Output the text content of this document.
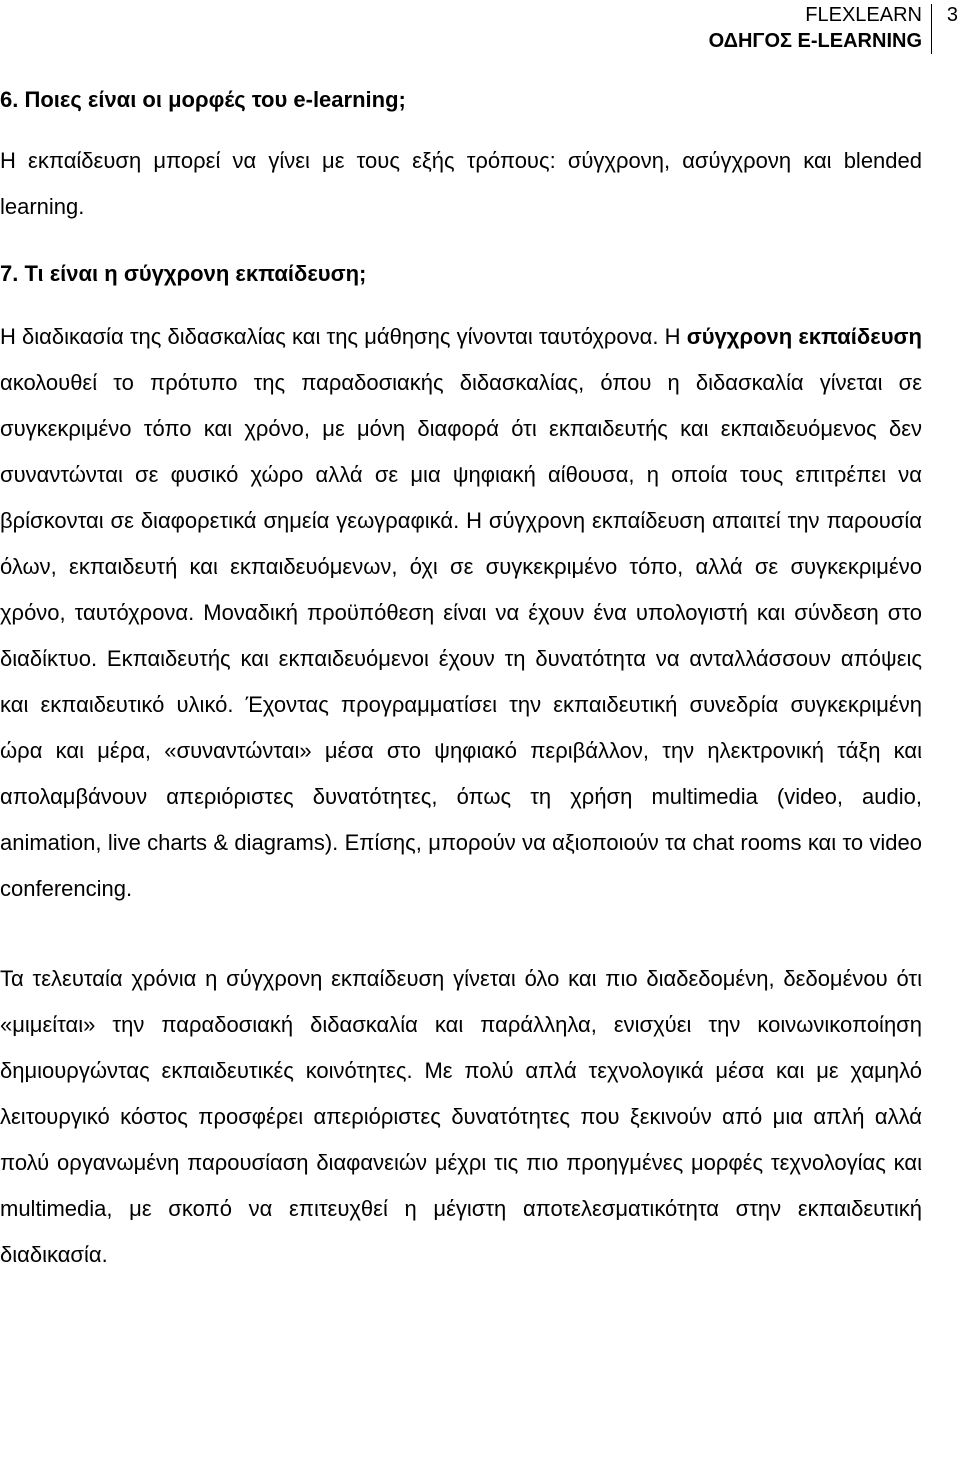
FLEXLEARN
ΟΔΗΓΟΣ E-LEARNING
3

6. Ποιες είναι οι μορφές του e-learning;

Η εκπαίδευση μπορεί να γίνει με τους εξής τρόπους: σύγχρονη, ασύγχρονη και blended learning.

7. Τι είναι η σύγχρονη εκπαίδευση;

Η διαδικασία της διδασκαλίας και της μάθησης γίνονται ταυτόχρονα. Η σύγχρονη εκπαίδευση ακολουθεί το πρότυπο της παραδοσιακής διδασκαλίας, όπου η διδασκαλία γίνεται σε συγκεκριμένο τόπο και χρόνο, με μόνη διαφορά ότι εκπαιδευτής και εκπαιδευόμενος δεν συναντώνται σε φυσικό χώρο αλλά σε μια ψηφιακή αίθουσα, η οποία τους επιτρέπει να βρίσκονται σε διαφορετικά σημεία γεωγραφικά. Η σύγχρονη εκπαίδευση απαιτεί την παρουσία όλων, εκπαιδευτή και εκπαιδευόμενων, όχι σε συγκεκριμένο τόπο, αλλά σε συγκεκριμένο χρόνο, ταυτόχρονα. Μοναδική προϋπόθεση είναι να έχουν ένα υπολογιστή και σύνδεση στο διαδίκτυο. Εκπαιδευτής και εκπαιδευόμενοι έχουν τη δυνατότητα να ανταλλάσσουν απόψεις και εκπαιδευτικό υλικό. Έχοντας προγραμματίσει την εκπαιδευτική συνεδρία συγκεκριμένη ώρα και μέρα, «συναντώνται» μέσα στο ψηφιακό περιβάλλον, την ηλεκτρονική τάξη και απολαμβάνουν απεριόριστες δυνατότητες, όπως τη χρήση multimedia (video, audio, animation, live charts & diagrams). Επίσης, μπορούν να αξιοποιούν τα chat rooms και το video conferencing.

Τα τελευταία χρόνια η σύγχρονη εκπαίδευση γίνεται όλο και πιο διαδεδομένη, δεδομένου ότι «μιμείται» την παραδοσιακή διδασκαλία και παράλληλα, ενισχύει την κοινωνικοποίηση δημιουργώντας εκπαιδευτικές κοινότητες. Με πολύ απλά τεχνολογικά μέσα και με χαμηλό λειτουργικό κόστος προσφέρει απεριόριστες δυνατότητες που ξεκινούν από μια απλή αλλά πολύ οργανωμένη παρουσίαση διαφανειών μέχρι τις πιο προηγμένες μορφές τεχνολογίας και multimedia, με σκοπό να επιτευχθεί η μέγιστη αποτελεσματικότητα στην εκπαιδευτική διαδικασία.
